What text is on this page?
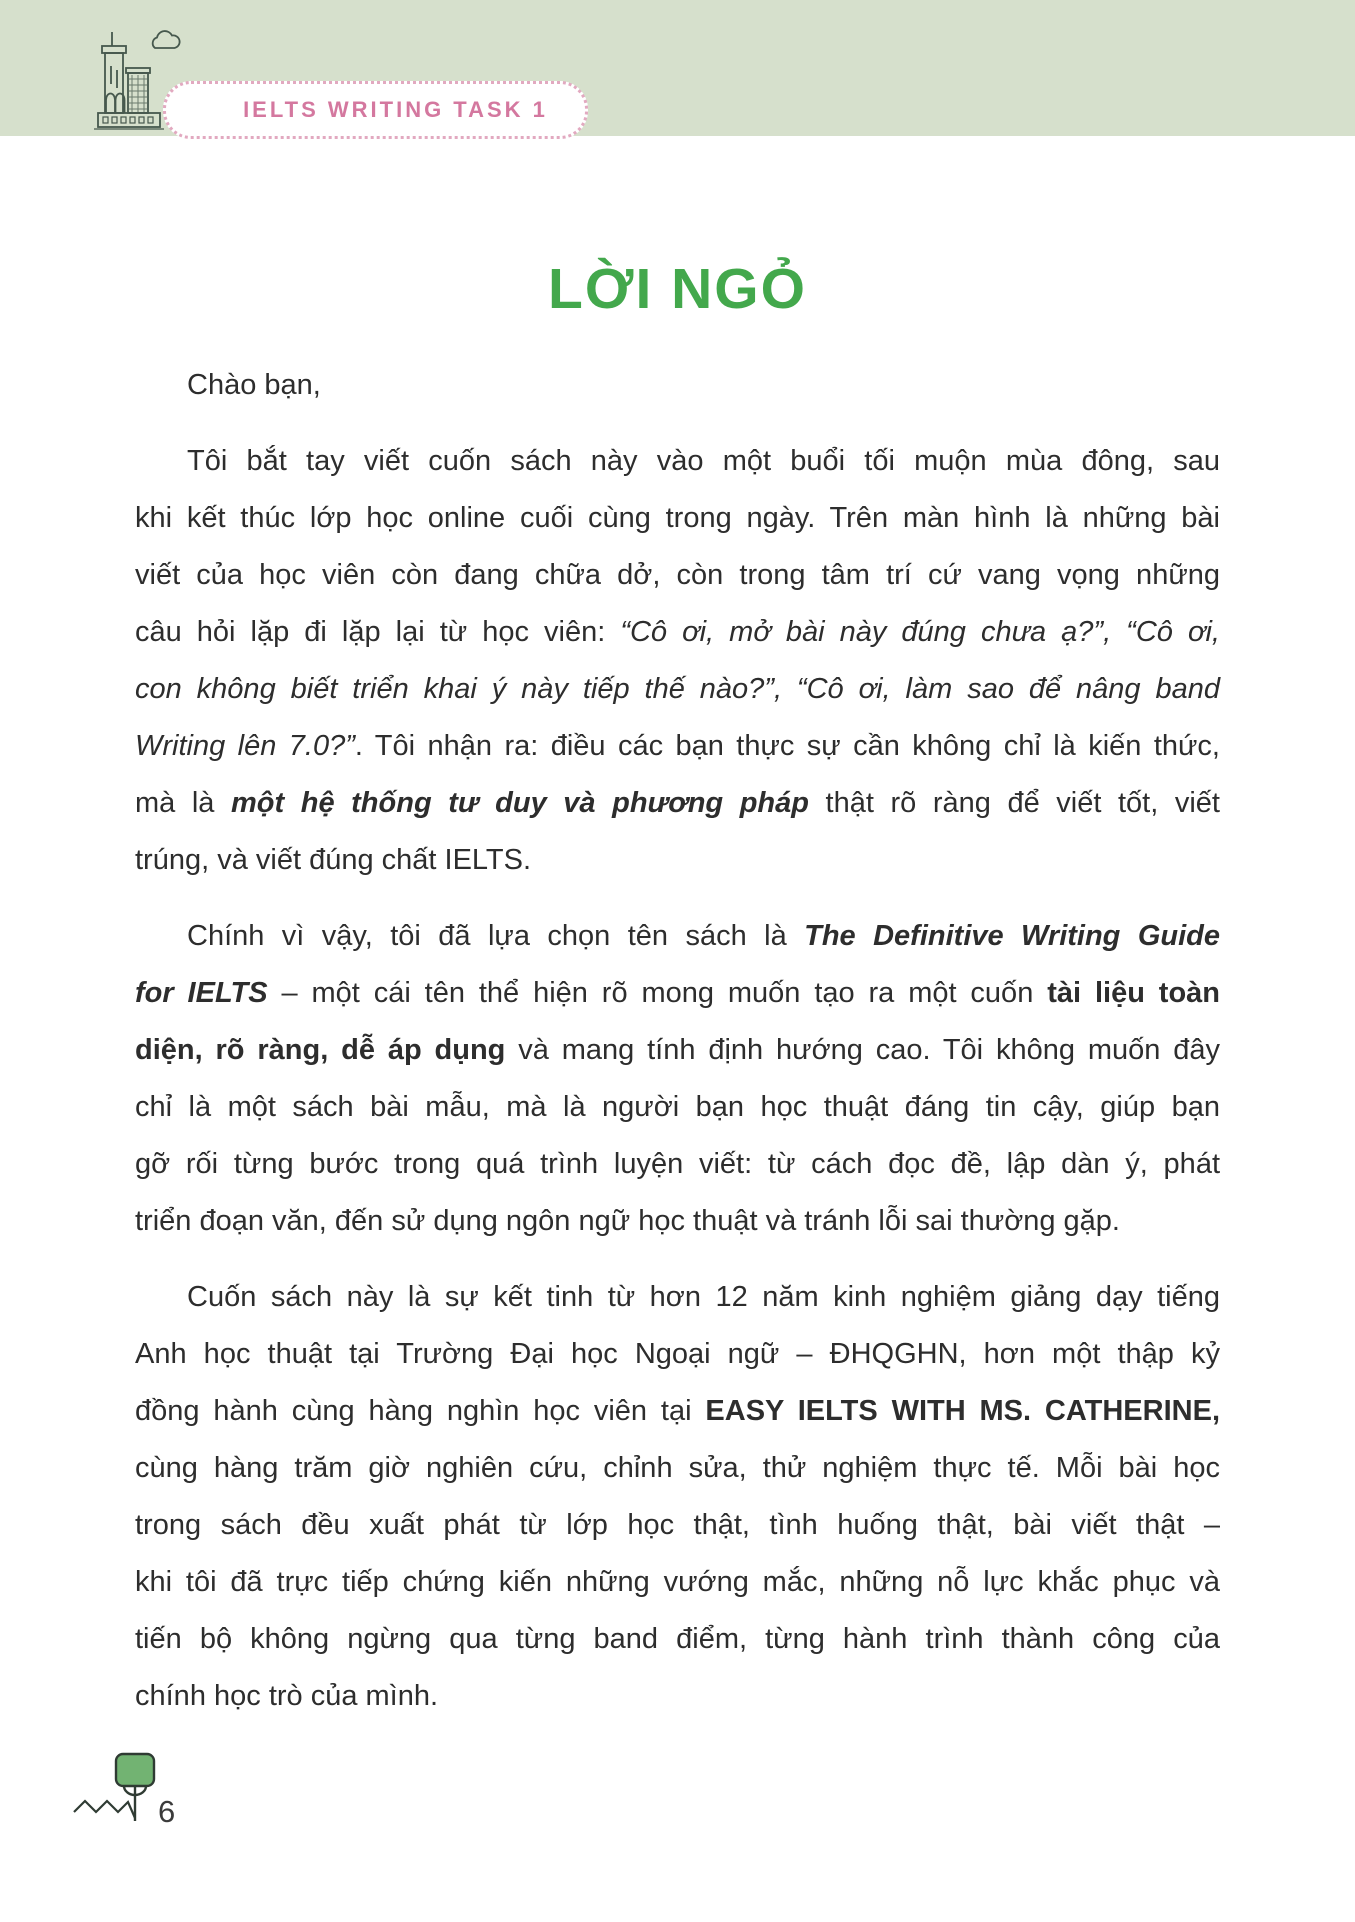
IELTS WRITING TASK 1
LỜI NGỎ
Chào bạn,
Tôi bắt tay viết cuốn sách này vào một buổi tối muộn mùa đông, sau
khi kết thúc lớp học online cuối cùng trong ngày. Trên màn hình là những bài
viết của học viên còn đang chữa dở, còn trong tâm trí cứ vang vọng những
câu hỏi lặp đi lặp lại từ học viên: “Cô ơi, mở bài này đúng chưa ạ?”, “Cô ơi,
con không biết triển khai ý này tiếp thế nào?”, “Cô ơi, làm sao để nâng band
Writing lên 7.0?”. Tôi nhận ra: điều các bạn thực sự cần không chỉ là kiến thức,
mà là một hệ thống tư duy và phương pháp thật rõ ràng để viết tốt, viết
trúng, và viết đúng chất IELTS.
Chính vì vậy, tôi đã lựa chọn tên sách là The Definitive Writing Guide
for IELTS – một cái tên thể hiện rõ mong muốn tạo ra một cuốn tài liệu toàn
diện, rõ ràng, dễ áp dụng và mang tính định hướng cao. Tôi không muốn đây
chỉ là một sách bài mẫu, mà là người bạn học thuật đáng tin cậy, giúp bạn
gỡ rối từng bước trong quá trình luyện viết: từ cách đọc đề, lập dàn ý, phát
triển đoạn văn, đến sử dụng ngôn ngữ học thuật và tránh lỗi sai thường gặp.
Cuốn sách này là sự kết tinh từ hơn 12 năm kinh nghiệm giảng dạy tiếng
Anh học thuật tại Trường Đại học Ngoại ngữ – ĐHQGHN, hơn một thập kỷ
đồng hành cùng hàng nghìn học viên tại EASY IELTS WITH MS. CATHERINE,
cùng hàng trăm giờ nghiên cứu, chỉnh sửa, thử nghiệm thực tế. Mỗi bài học
trong sách đều xuất phát từ lớp học thật, tình huống thật, bài viết thật –
khi tôi đã trực tiếp chứng kiến những vướng mắc, những nỗ lực khắc phục và
tiến bộ không ngừng qua từng band điểm, từng hành trình thành công của
chính học trò của mình.
6
